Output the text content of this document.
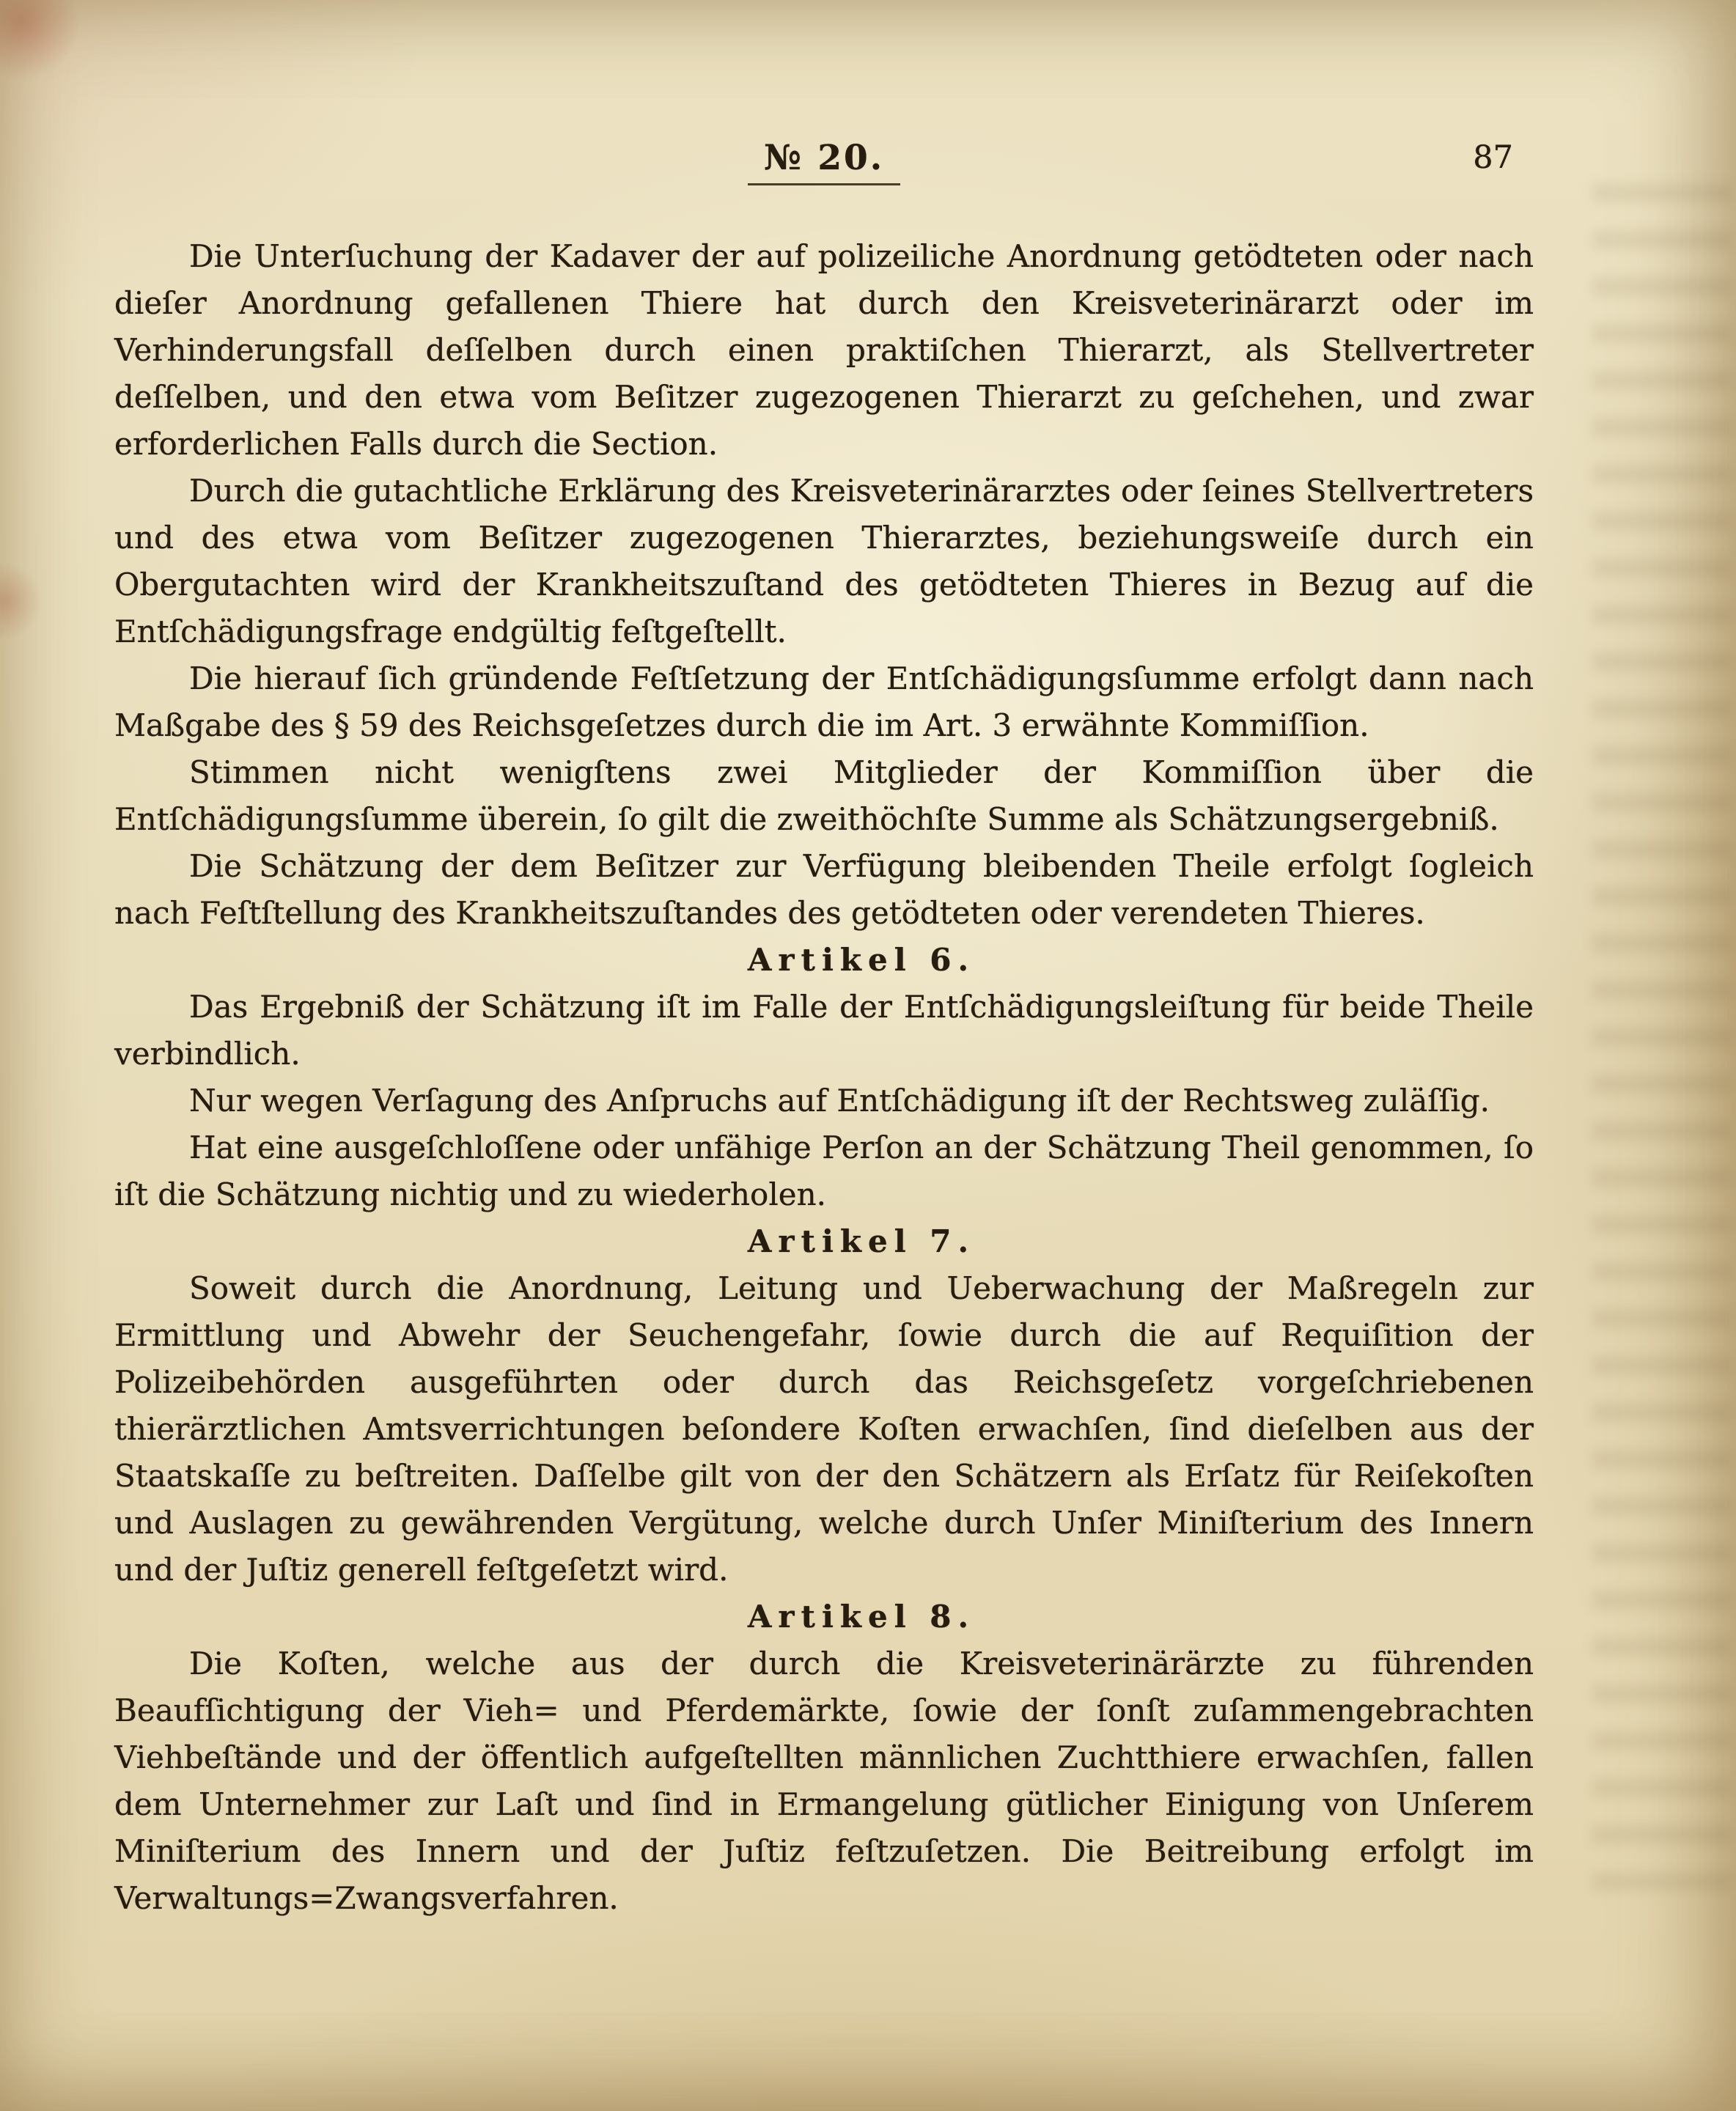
№ 20.	87

Die Unterſuchung der Kadaver der auf polizeiliche Anordnung getödteten oder nach dieſer Anordnung gefallenen Thiere hat durch den Kreisveterinärarzt oder im Verhinderungsfall deſſelben durch einen praktiſchen Thierarzt, als Stellvertreter deſſelben, und den etwa vom Beſitzer zugezogenen Thierarzt zu geſchehen, und zwar erforderlichen Falls durch die Section.

Durch die gutachtliche Erklärung des Kreisveterinärarztes oder ſeines Stellvertreters und des etwa vom Beſitzer zugezogenen Thierarztes, beziehungsweiſe durch ein Obergutachten wird der Krankheitszuſtand des getödteten Thieres in Bezug auf die Entſchädigungsfrage endgültig feſtgeſtellt.

Die hierauf ſich gründende Feſtſetzung der Entſchädigungsſumme erfolgt dann nach Maßgabe des § 59 des Reichsgeſetzes durch die im Art. 3 erwähnte Kommiſſion.

Stimmen nicht wenigſtens zwei Mitglieder der Kommiſſion über die Entſchädigungsſumme überein, ſo gilt die zweithöchſte Summe als Schätzungsergebniß.

Die Schätzung der dem Beſitzer zur Verfügung bleibenden Theile erfolgt ſogleich nach Feſtſtellung des Krankheitszuſtandes des getödteten oder verendeten Thieres.

Artikel 6.

Das Ergebniß der Schätzung iſt im Falle der Entſchädigungsleiſtung für beide Theile verbindlich.

Nur wegen Verſagung des Anſpruchs auf Entſchädigung iſt der Rechtsweg zuläſſig.

Hat eine ausgeſchloſſene oder unfähige Perſon an der Schätzung Theil genommen, ſo iſt die Schätzung nichtig und zu wiederholen.

Artikel 7.

Soweit durch die Anordnung, Leitung und Ueberwachung der Maßregeln zur Ermittlung und Abwehr der Seuchengefahr, ſowie durch die auf Requiſition der Polizeibehörden ausgeführten oder durch das Reichsgeſetz vorgeſchriebenen thierärztlichen Amtsverrichtungen beſondere Koſten erwachſen, ſind dieſelben aus der Staatskaſſe zu beſtreiten. Daſſelbe gilt von der den Schätzern als Erſatz für Reiſekoſten und Auslagen zu gewährenden Vergütung, welche durch Unſer Miniſterium des Innern und der Juſtiz generell feſtgeſetzt wird.

Artikel 8.

Die Koſten, welche aus der durch die Kreisveterinärärzte zu führenden Beaufſichtigung der Vieh= und Pferdemärkte, ſowie der ſonſt zuſammengebrachten Viehbeſtände und der öffentlich aufgeſtellten männlichen Zuchtthiere erwachſen, fallen dem Unternehmer zur Laſt und ſind in Ermangelung gütlicher Einigung von Unſerem Miniſterium des Innern und der Juſtiz feſtzuſetzen. Die Beitreibung erfolgt im Verwaltungs=Zwangsverfahren.
